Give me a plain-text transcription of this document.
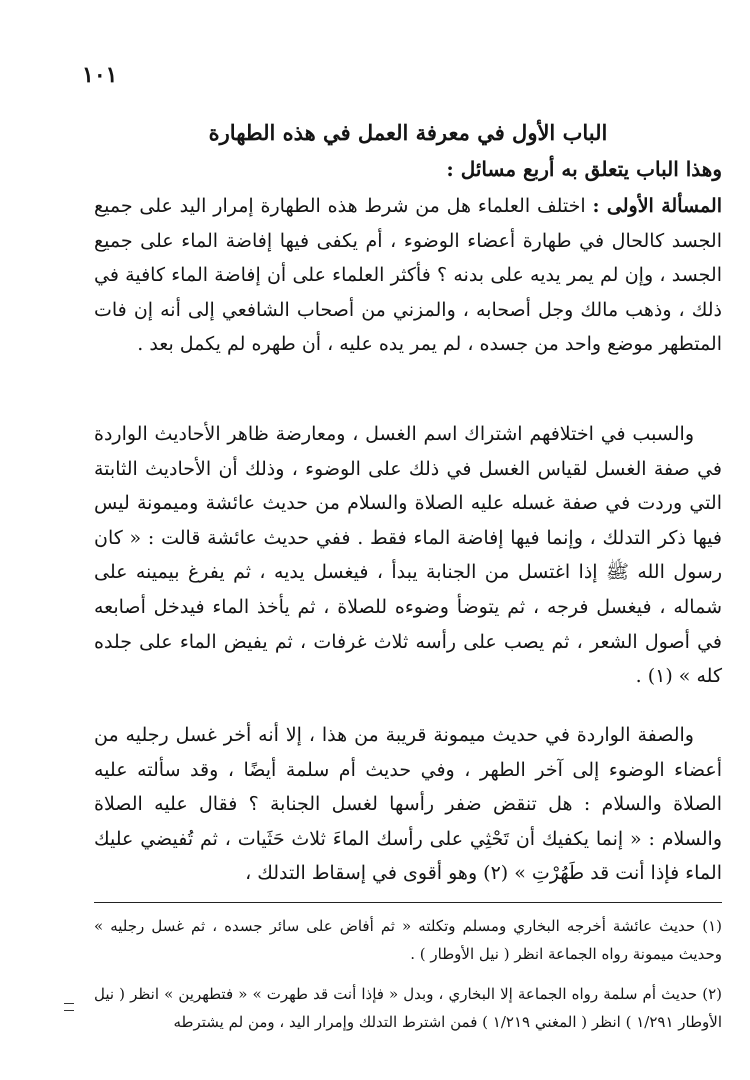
١٠١
الباب الأول في معرفة العمل في هذه الطهارة
وهذا الباب يتعلق به أربع مسائل :
المسألة الأولى : اختلف العلماء هل من شرط هذه الطهارة إمرار اليد على جميع الجسد كالحال في طهارة أعضاء الوضوء ، أم يكفى فيها إفاضة الماء على جميع الجسد ، وإن لم يمر يديه على بدنه ؟ فأكثر العلماء على أن إفاضة الماء كافية في ذلك ، وذهب مالك وجل أصحابه ، والمزني من أصحاب الشافعي إلى أنه إن فات المتطهر موضع واحد من جسده ، لم يمر يده عليه ، أن طهره لم يكمل بعد .
والسبب في اختلافهم اشتراك اسم الغسل ، ومعارضة ظاهر الأحاديث الواردة في صفة الغسل لقياس الغسل في ذلك على الوضوء ، وذلك أن الأحاديث الثابتة التي وردت في صفة غسله عليه الصلاة والسلام من حديث عائشة وميمونة ليس فيها ذكر التدلك ، وإنما فيها إفاضة الماء فقط . ففي حديث عائشة قالت : « كان رسول الله ﷺ إذا اغتسل من الجنابة يبدأ ، فيغسل يديه ، ثم يفرغ بيمينه على شماله ، فيغسل فرجه ، ثم يتوضأ وضوءه للصلاة ، ثم يأخذ الماء فيدخل أصابعه في أصول الشعر ، ثم يصب على رأسه ثلاث غرفات ، ثم يفيض الماء على جلده كله » (١) .
والصفة الواردة في حديث ميمونة قريبة من هذا ، إلا أنه أخر غسل رجليه من أعضاء الوضوء إلى آخر الطهر ، وفي حديث أم سلمة أيضًا ، وقد سألته عليه الصلاة والسلام : هل تنقض ضفر رأسها لغسل الجنابة ؟ فقال عليه الصلاة والسلام : « إنما يكفيك أن تَحْثِي على رأسك الماءَ ثلاث حَثَيات ، ثم تُفيضي عليك الماء فإذا أنت قد طَهُرْتِ » (٢) وهو أقوى في إسقاط التدلك ،

(١) حديث عائشة أخرجه البخاري ومسلم وتكلته « ثم أفاض على سائر جسده ، ثم غسل رجليه » وحديث ميمونة رواه الجماعة انظر ( نيل الأوطار ) .

(٢) حديث أم سلمة رواه الجماعة إلا البخاري ، وبدل « فإذا أنت قد طهرت » « فتطهرين » انظر ( نيل الأوطار ١/٢٩١ ) انظر ( المغني ١/٢١٩ ) فمن اشترط التدلك وإمرار اليد ، ومن لم يشترطه
